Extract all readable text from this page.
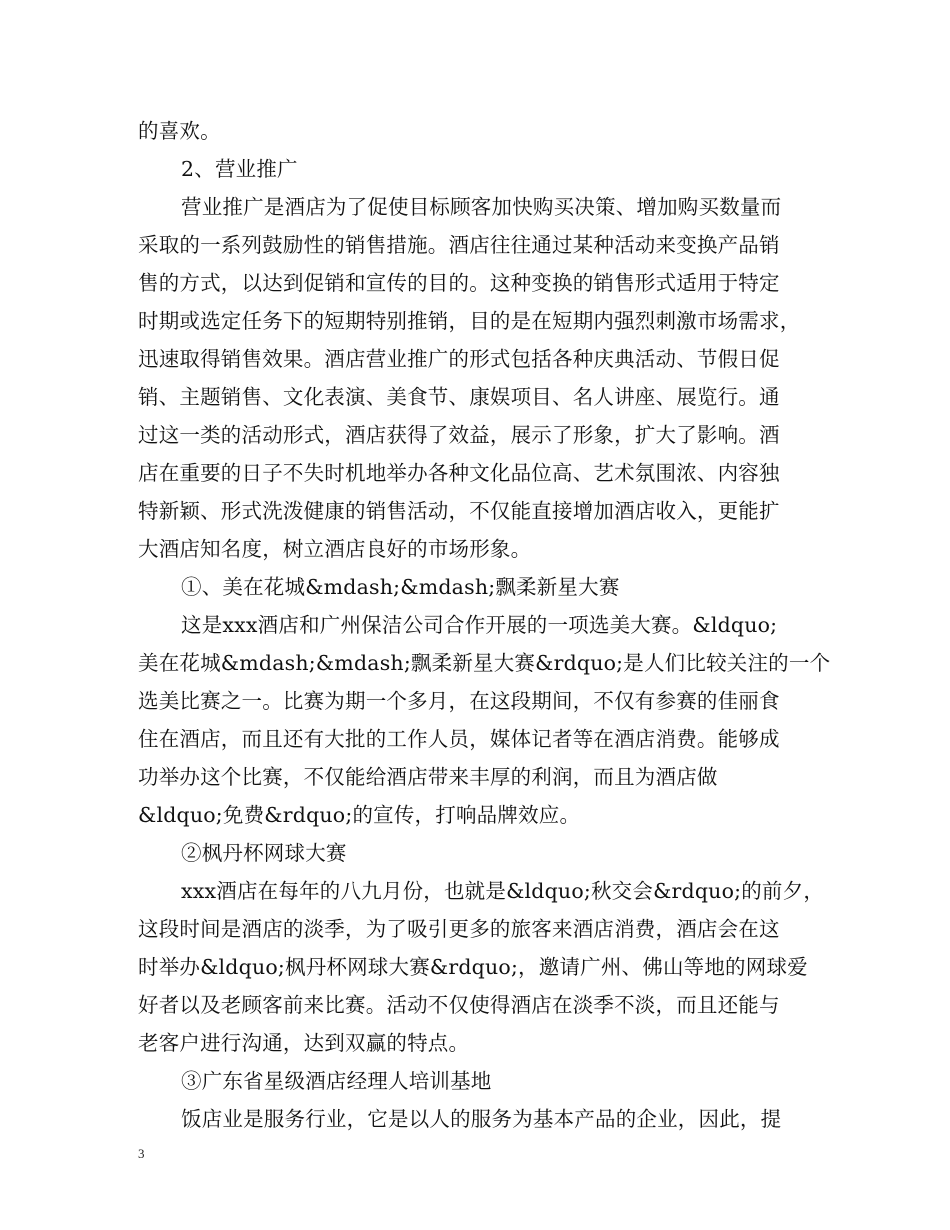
的喜欢。
2、营业推广
营业推广是酒店为了促使目标顾客加快购买决策、增加购买数量而
采取的一系列鼓励性的销售措施。酒店往往通过某种活动来变换产品销
售的方式，以达到促销和宣传的目的。这种变换的销售形式适用于特定
时期或选定任务下的短期特别推销，目的是在短期内强烈刺激市场需求，
迅速取得销售效果。酒店营业推广的形式包括各种庆典活动、节假日促
销、主题销售、文化表演、美食节、康娱项目、名人讲座、展览行。通
过这一类的活动形式，酒店获得了效益，展示了形象，扩大了影响。酒
店在重要的日子不失时机地举办各种文化品位高、艺术氛围浓、内容独
特新颖、形式洗泼健康的销售活动，不仅能直接增加酒店收入，更能扩
大酒店知名度，树立酒店良好的市场形象。
①、美在花城&mdash;&mdash;飘柔新星大赛
这是xxx酒店和广州保洁公司合作开展的一项选美大赛。&ldquo;
美在花城&mdash;&mdash;飘柔新星大赛&rdquo;是人们比较关注的一个
选美比赛之一。比赛为期一个多月，在这段期间，不仅有参赛的佳丽食
住在酒店，而且还有大批的工作人员，媒体记者等在酒店消费。能够成
功举办这个比赛，不仅能给酒店带来丰厚的利润，而且为酒店做
&ldquo;免费&rdquo;的宣传，打响品牌效应。
②枫丹杯网球大赛
xxx酒店在每年的八九月份，也就是&ldquo;秋交会&rdquo;的前夕，
这段时间是酒店的淡季，为了吸引更多的旅客来酒店消费，酒店会在这
时举办&ldquo;枫丹杯网球大赛&rdquo;，邀请广州、佛山等地的网球爱
好者以及老顾客前来比赛。活动不仅使得酒店在淡季不淡，而且还能与
老客户进行沟通，达到双赢的特点。
③广东省星级酒店经理人培训基地
饭店业是服务行业，它是以人的服务为基本产品的企业，因此，提
3
